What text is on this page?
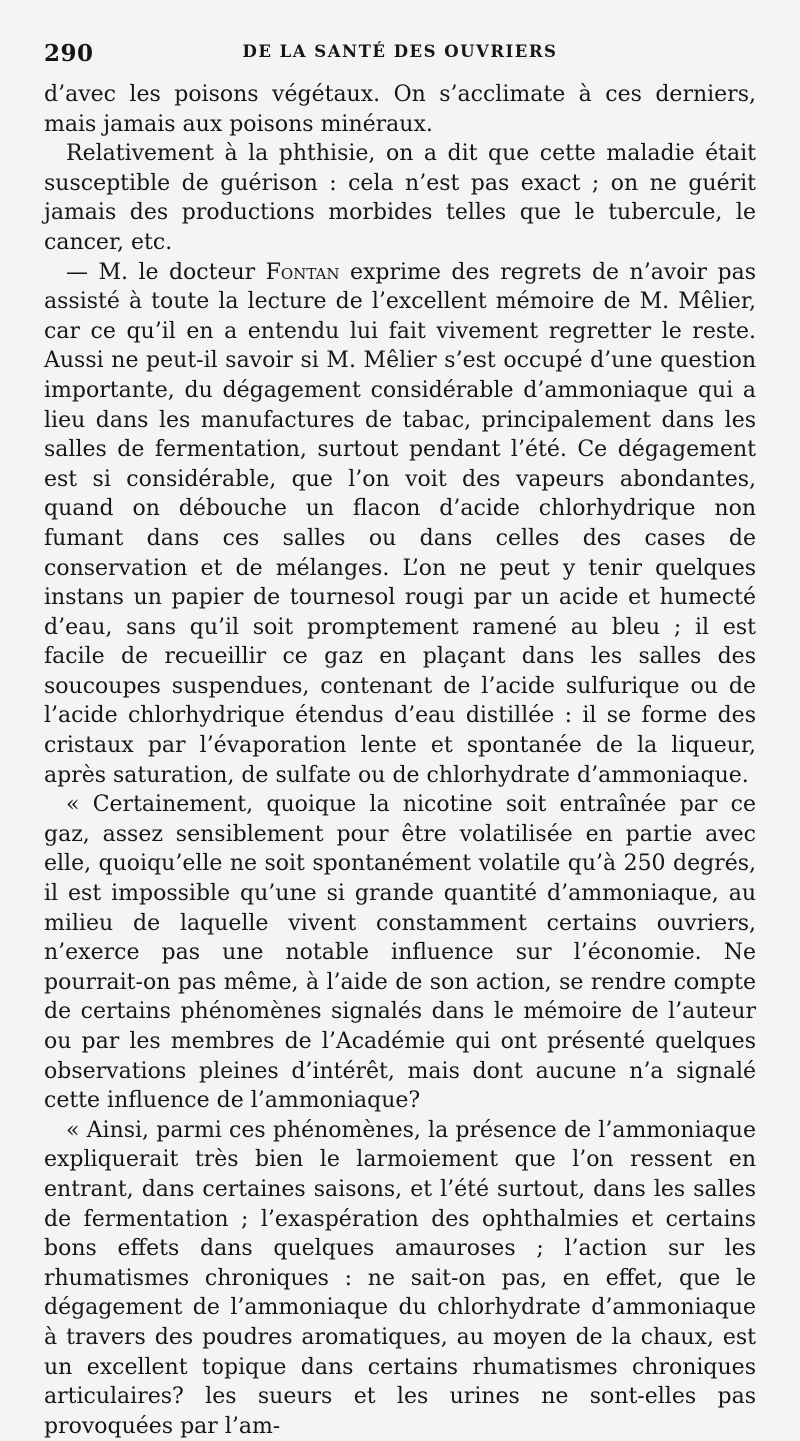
290	DE LA SANTÉ DES OUVRIERS

d’avec les poisons végétaux. On s’acclimate à ces derniers, mais jamais aux poisons minéraux.

Relativement à la phthisie, on a dit que cette maladie était susceptible de guérison : cela n’est pas exact ; on ne guérit jamais des productions morbides telles que le tubercule, le cancer, etc.

— M. le docteur Fontan exprime des regrets de n’avoir pas assisté à toute la lecture de l’excellent mémoire de M. Mêlier, car ce qu’il en a entendu lui fait vivement regretter le reste. Aussi ne peut-il savoir si M. Mêlier s’est occupé d’une question importante, du dégagement considérable d’ammoniaque qui a lieu dans les manufactures de tabac, principalement dans les salles de fermentation, surtout pendant l’été. Ce dégagement est si considérable, que l’on voit des vapeurs abondantes, quand on débouche un flacon d’acide chlorhydrique non fumant dans ces salles ou dans celles des cases de conservation et de mélanges. L’on ne peut y tenir quelques instans un papier de tournesol rougi par un acide et humecté d’eau, sans qu’il soit promptement ramené au bleu ; il est facile de recueillir ce gaz en plaçant dans les salles des soucoupes suspendues, contenant de l’acide sulfurique ou de l’acide chlorhydrique étendus d’eau distillée : il se forme des cristaux par l’évaporation lente et spontanée de la liqueur, après saturation, de sulfate ou de chlorhydrate d’ammoniaque.

« Certainement, quoique la nicotine soit entraînée par ce gaz, assez sensiblement pour être volatilisée en partie avec elle, quoiqu’elle ne soit spontanément volatile qu’à 250 degrés, il est impossible qu’une si grande quantité d’ammoniaque, au milieu de laquelle vivent constamment certains ouvriers, n’exerce pas une notable influence sur l’économie. Ne pourrait-on pas même, à l’aide de son action, se rendre compte de certains phénomènes signalés dans le mémoire de l’auteur ou par les membres de l’Académie qui ont présenté quelques observations pleines d’intérêt, mais dont aucune n’a signalé cette influence de l’ammoniaque?

« Ainsi, parmi ces phénomènes, la présence de l’ammoniaque expliquerait très bien le larmoiement que l’on ressent en entrant, dans certaines saisons, et l’été surtout, dans les salles de fermentation ; l’exaspération des ophthalmies et certains bons effets dans quelques amauroses ; l’action sur les rhumatismes chroniques : ne sait-on pas, en effet, que le dégagement de l’ammoniaque du chlorhydrate d’ammoniaque à travers des poudres aromatiques, au moyen de la chaux, est un excellent topique dans certains rhumatismes chroniques articulaires? les sueurs et les urines ne sont-elles pas provoquées par l’am-
